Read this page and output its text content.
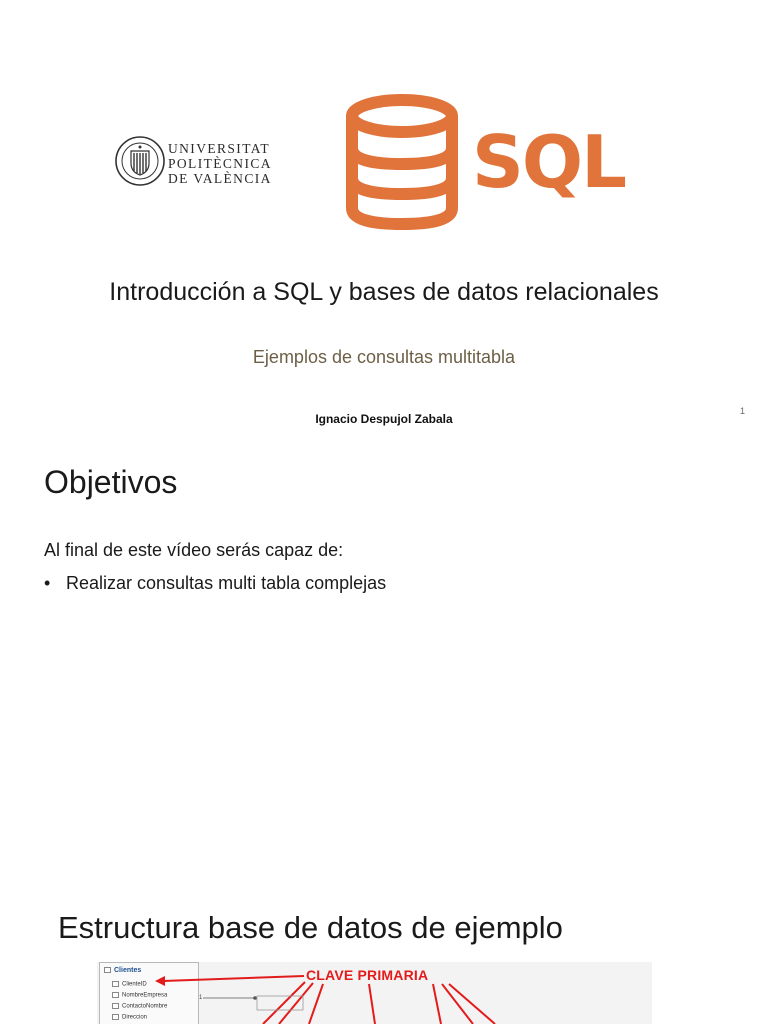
UNIVERSITAT
POLITÈCNICA
DE VALÈNCIA	SQL
Introducción a SQL y bases de datos relacionales
Ejemplos de consultas multitabla
Ignacio Despujol Zabala
1
Objetivos
Al final de este vídeo serás capaz de:
• Realizar consultas multi tabla complejas
Estructura base de datos de ejemplo
Clientes
ClienteID
NombreEmpresa
ContactoNombre
Direccion
1
CLAVE PRIMARIA
